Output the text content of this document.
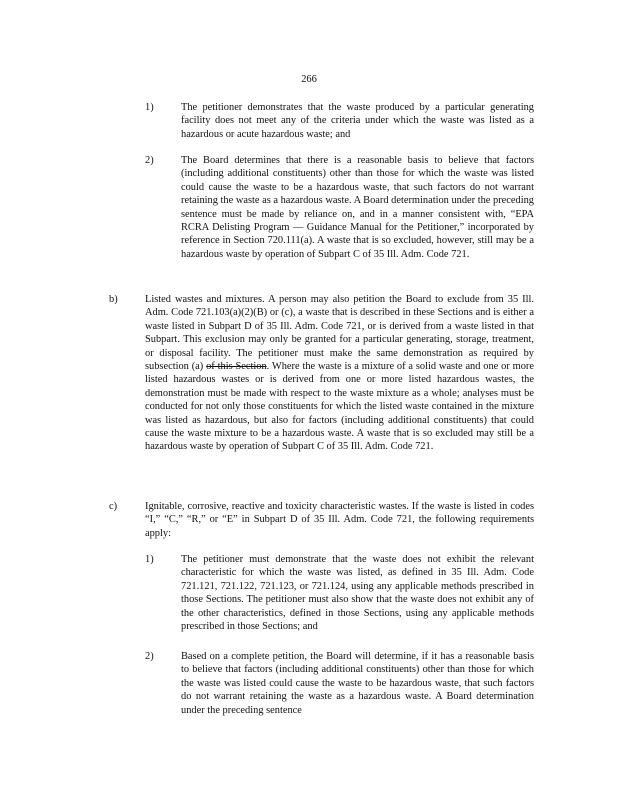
266
1)	The petitioner demonstrates that the waste produced by a particular generating facility does not meet any of the criteria under which the waste was listed as a hazardous or acute hazardous waste; and
2)	The Board determines that there is a reasonable basis to believe that factors (including additional constituents) other than those for which the waste was listed could cause the waste to be a hazardous waste, that such factors do not warrant retaining the waste as a hazardous waste. A Board determination under the preceding sentence must be made by reliance on, and in a manner consistent with, “EPA RCRA Delisting Program — Guidance Manual for the Petitioner,” incorporated by reference in Section 720.111(a). A waste that is so excluded, however, still may be a hazardous waste by operation of Subpart C of 35 Ill. Adm. Code 721.
b)	Listed wastes and mixtures. A person may also petition the Board to exclude from 35 Ill. Adm. Code 721.103(a)(2)(B) or (c), a waste that is described in these Sections and is either a waste listed in Subpart D of 35 Ill. Adm. Code 721, or is derived from a waste listed in that Subpart. This exclusion may only be granted for a particular generating, storage, treatment, or disposal facility. The petitioner must make the same demonstration as required by subsection (a) of this Section. Where the waste is a mixture of a solid waste and one or more listed hazardous wastes or is derived from one or more listed hazardous wastes, the demonstration must be made with respect to the waste mixture as a whole; analyses must be conducted for not only those constituents for which the listed waste contained in the mixture was listed as hazardous, but also for factors (including additional constituents) that could cause the waste mixture to be a hazardous waste. A waste that is so excluded may still be a hazardous waste by operation of Subpart C of 35 Ill. Adm. Code 721.
c)	Ignitable, corrosive, reactive and toxicity characteristic wastes. If the waste is listed in codes “I,” “C,” “R,” or “E” in Subpart D of 35 Ill. Adm. Code 721, the following requirements apply:
1)	The petitioner must demonstrate that the waste does not exhibit the relevant characteristic for which the waste was listed, as defined in 35 Ill. Adm. Code 721.121, 721.122, 721.123, or 721.124, using any applicable methods prescribed in those Sections. The petitioner must also show that the waste does not exhibit any of the other characteristics, defined in those Sections, using any applicable methods prescribed in those Sections; and
2)	Based on a complete petition, the Board will determine, if it has a reasonable basis to believe that factors (including additional constituents) other than those for which the waste was listed could cause the waste to be hazardous waste, that such factors do not warrant retaining the waste as a hazardous waste. A Board determination under the preceding sentence
